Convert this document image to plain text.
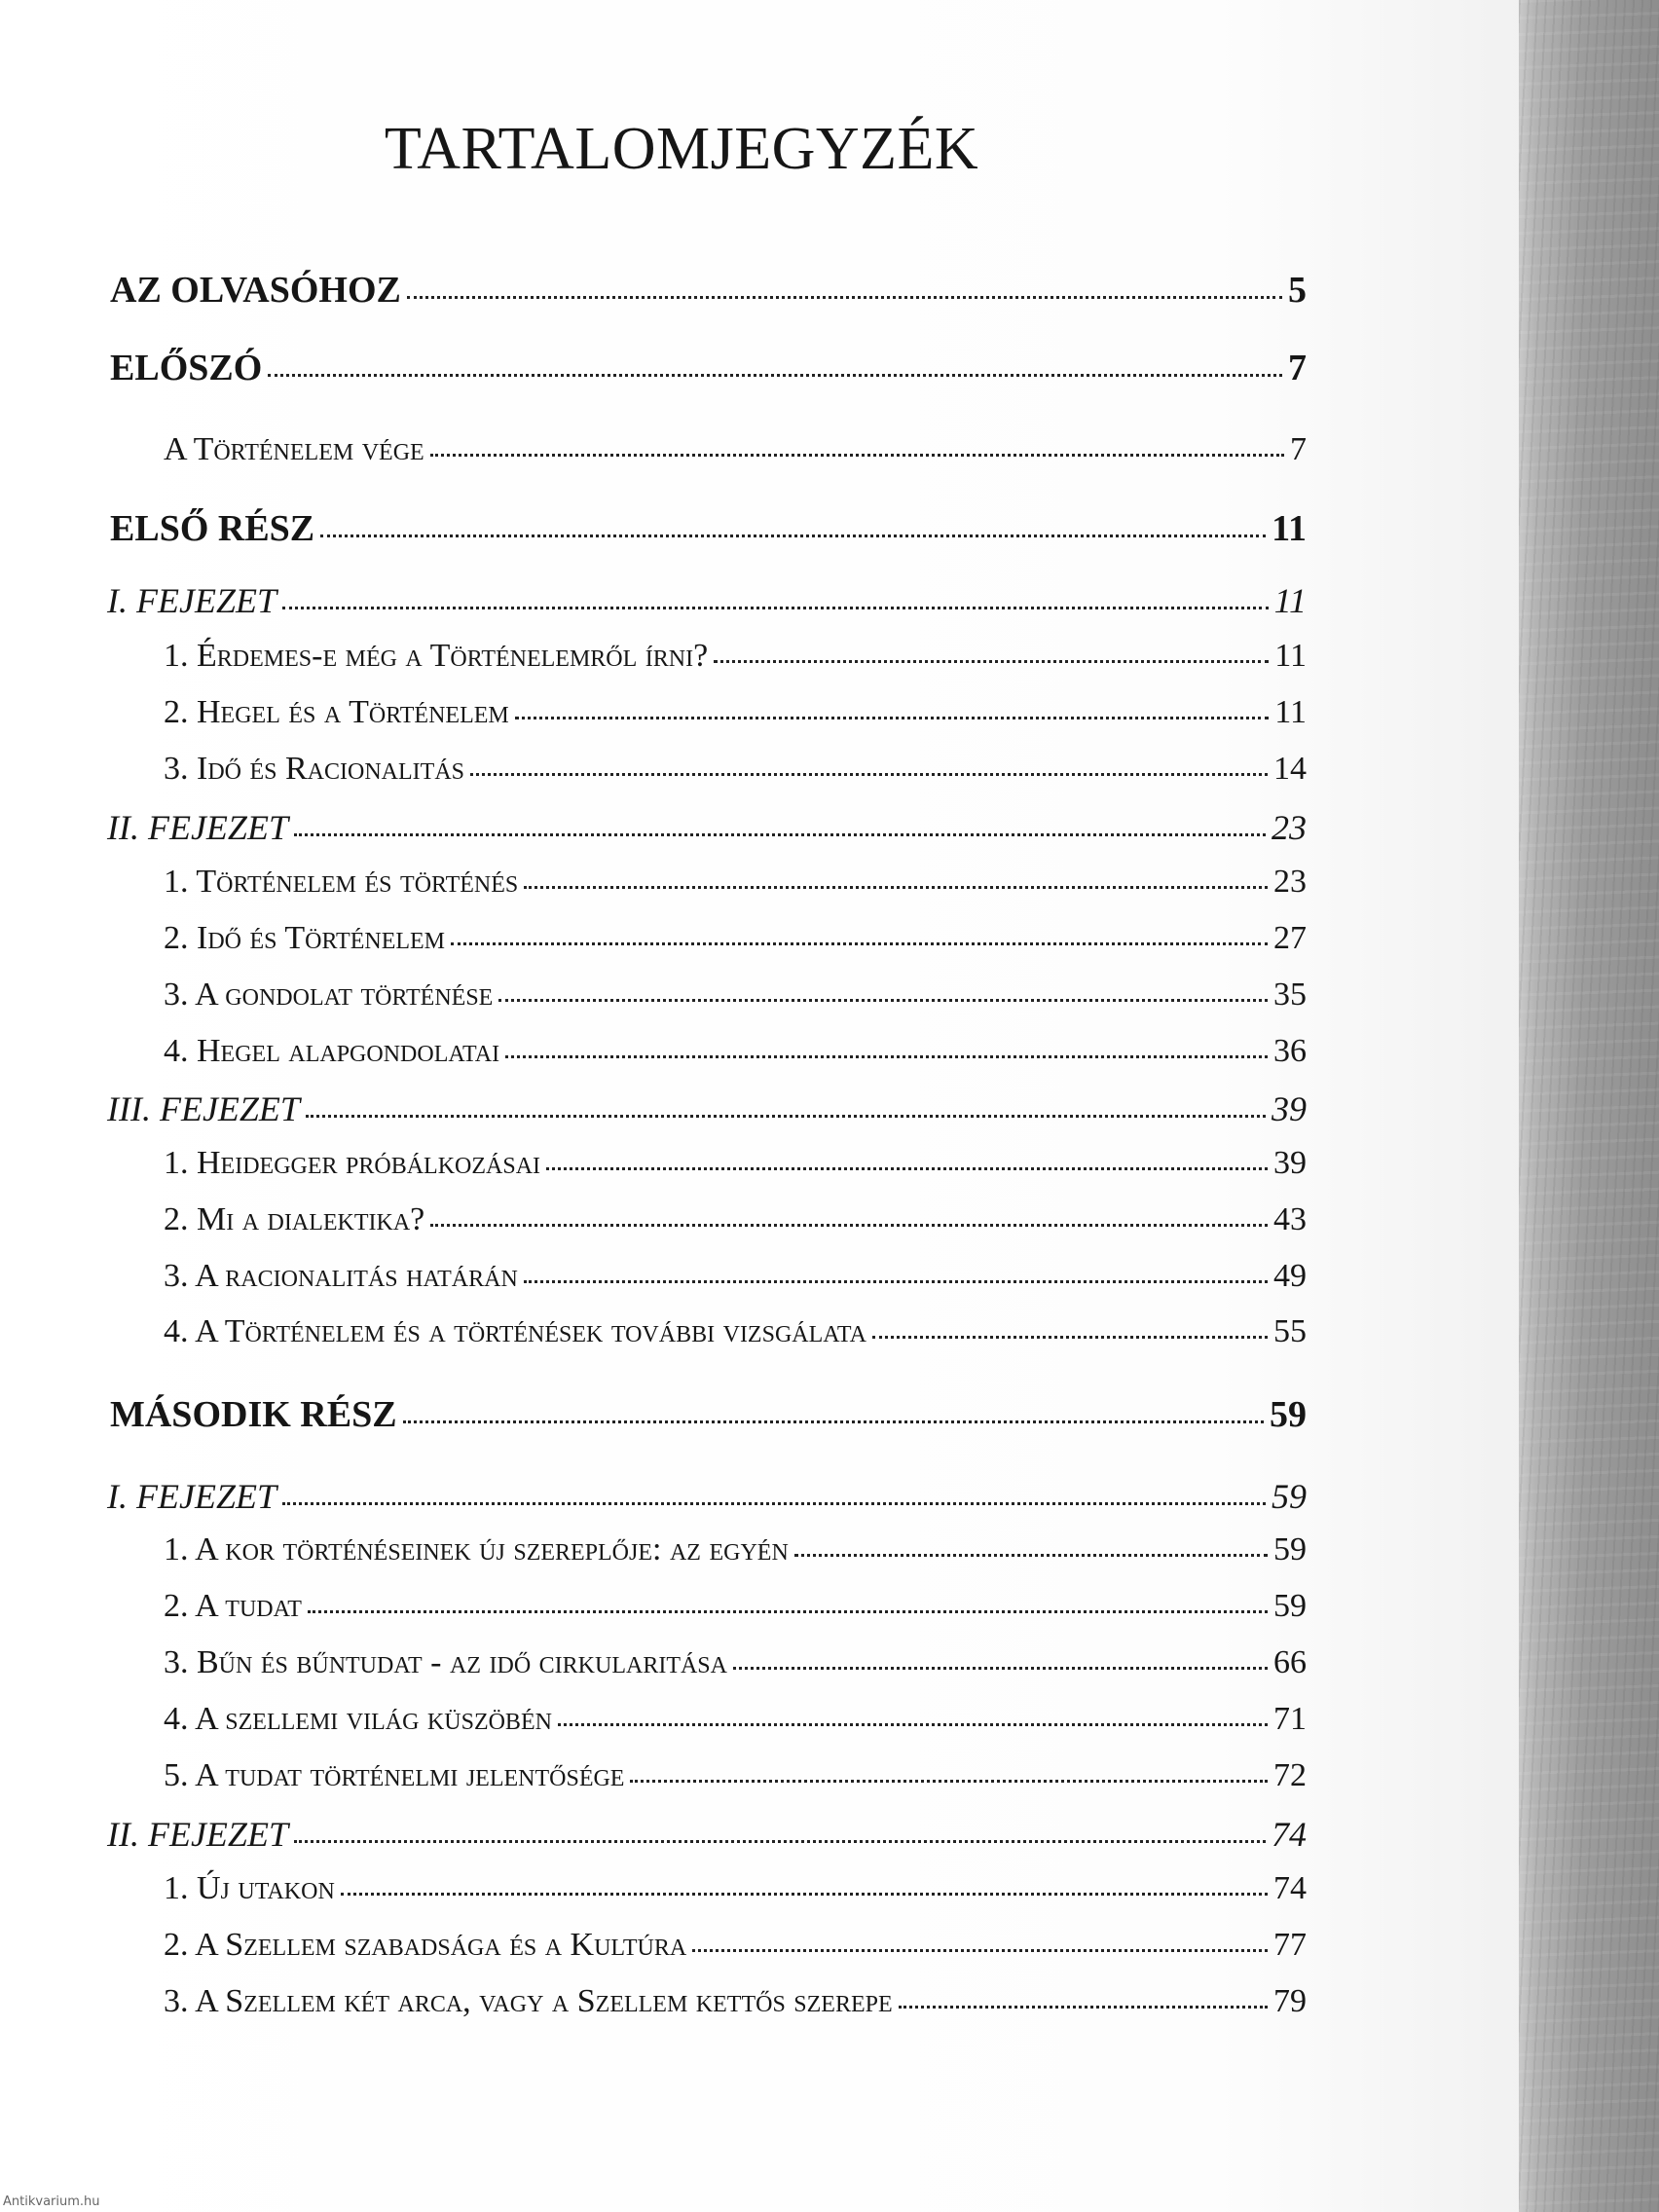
TARTALOMJEGYZÉK
AZ OLVASÓHOZ	5
ELŐSZÓ	7
A Történelem vége	7
ELSŐ RÉSZ	11
I. FEJEZET	11
1. Érdemes-e még a Történelemről írni?	11
2. Hegel és a Történelem	11
3. Idő és Racionalitás	14
II. FEJEZET	23
1. Történelem és történés	23
2. Idő és Történelem	27
3. A gondolat történése	35
4. Hegel alapgondolatai	36
III. FEJEZET	39
1. Heidegger próbálkozásai	39
2. Mi a dialektika?	43
3. A racionalitás határán	49
4. A Történelem és a történések további vizsgálata	55
MÁSODIK RÉSZ	59
I. FEJEZET	59
1. A kor történéseinek új szereplője: az egyén	59
2. A tudat	59
3. Bűn és bűntudat - az idő cirkularitása	66
4. A szellemi világ küszöbén	71
5. A tudat történelmi jelentősége	72
II. FEJEZET	74
1. Új utakon	74
2. A Szellem szabadsága és a Kultúra	77
3. A Szellem két arca, vagy a Szellem kettős szerepe	79
Antikvarium.hu
